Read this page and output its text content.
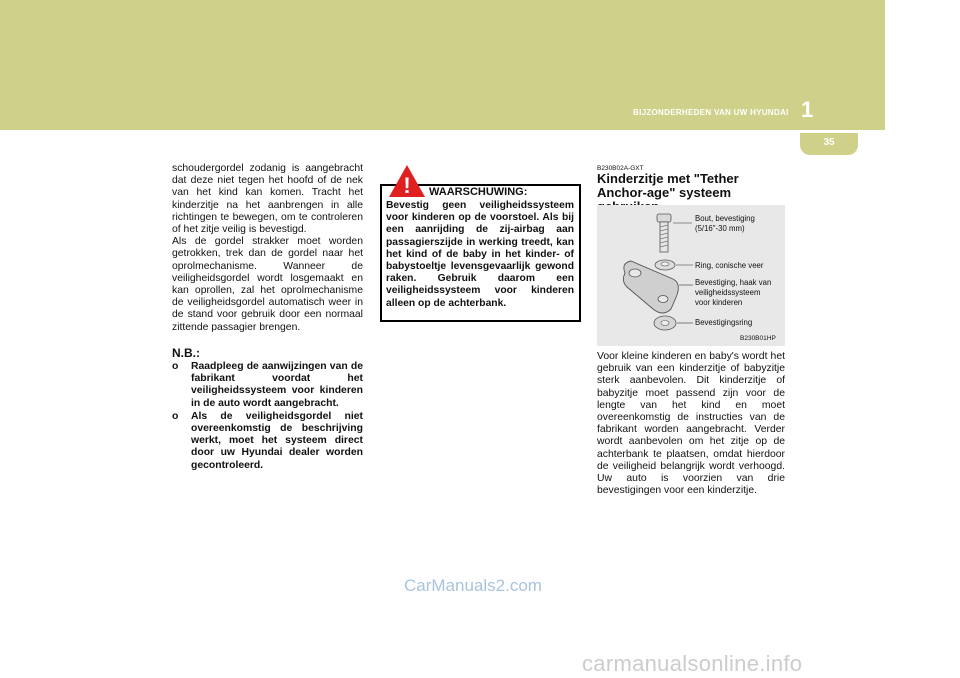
BIJZONDERHEDEN VAN UW HYUNDAI 1
35

schoudergordel zodanig is aangebracht dat deze niet tegen het hoofd of de nek van het kind kan komen. Tracht het kinderzitje na het aanbrengen in alle richtingen te bewegen, om te controleren of het zitje veilig is bevestigd.

Als de gordel strakker moet worden getrokken, trek dan de gordel naar het oprolmechanisme. Wanneer de veiligheidsgordel wordt losgemaakt en kan oprollen, zal het oprolmechanisme de veiligheidsgordel automatisch weer in de stand voor gebruik door een normaal zittende passagier brengen.

N.B.:
o Raadpleeg de aanwijzingen van de fabrikant voordat het veiligheidssysteem voor kinderen in de auto wordt aangebracht.
o Als de veiligheidsgordel niet overeenkomstig de beschrijving werkt, moet het systeem direct door uw Hyundai dealer worden gecontroleerd.
! WAARSCHUWING:

Bevestig geen veiligheidssysteem voor kinderen op de voorstoel. Als bij een aanrijding de zij-airbag aan passagierszijde in werking treedt, kan het kind of de baby in het kinder- of babystoeltje levensgevaarlijk gewond raken. Gebruik daarom een veiligheidssysteem voor kinderen alleen op de achterbank.

B230B02A-GXT
Kinderzitje met "Tether Anchor-age" systeem
Bout, bevestiging
(5/16"-30 mm)
Ring, conische veer
Bevestiging, haak van
veiligheidssysteem
voor kinderen
Bevestigingsring
B230B01HP

Voor kleine kinderen en baby's wordt het gebruik van een kinderzitje of babyzitje sterk aanbevolen. Dit kinderzitje of babyzitje moet passend zijn voor de lengte van het kind en moet overeenkomstig de instructies van de fabrikant worden aangebracht. Verder wordt aanbevolen om het zitje op de achterbank te plaatsen, omdat hierdoor de veiligheid belangrijk wordt verhoogd. Uw auto is voorzien van drie bevestigingen voor een kinderzitje.

CarManuals2.com
carmanualsonline.info
